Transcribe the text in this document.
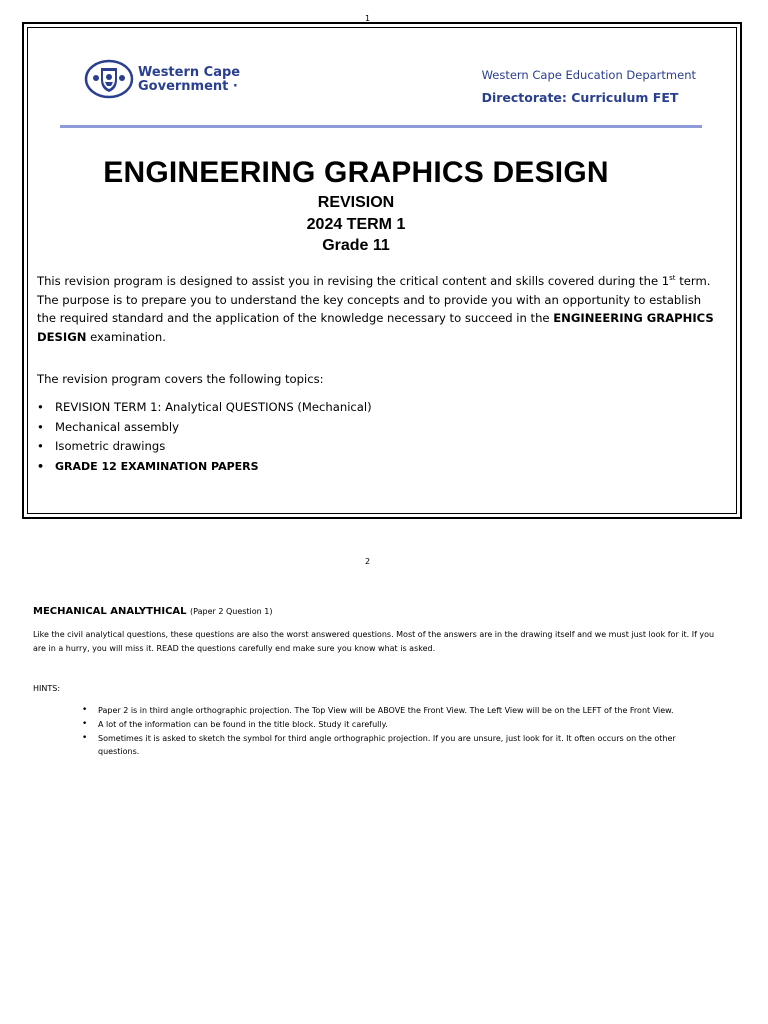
1
Western Cape
Government ·
Western Cape Education Department
Directorate: Curriculum FET
ENGINEERING GRAPHICS DESIGN
REVISION
2024 TERM 1
Grade 11
This revision program is designed to assist you in revising the critical content and skills covered during the 1st term. The purpose is to prepare you to understand the key concepts and to provide you with an opportunity to establish the required standard and the application of the knowledge necessary to succeed in the ENGINEERING GRAPHICS DESIGN examination.
The revision program covers the following topics:
• REVISION TERM 1: Analytical QUESTIONS (Mechanical)
• Mechanical assembly
• Isometric drawings
• GRADE 12 EXAMINATION PAPERS
2
MECHANICAL ANALYTHICAL (Paper 2 Question 1)
Like the civil analytical questions, these questions are also the worst answered questions. Most of the answers are in the drawing itself and we must just look for it. If you are in a hurry, you will miss it. READ the questions carefully end make sure you know what is asked.
HINTS:
• Paper 2 is in third angle orthographic projection. The Top View will be ABOVE the Front View. The Left View will be on the LEFT of the Front View.
• A lot of the information can be found in the title block. Study it carefully.
• Sometimes it is asked to sketch the symbol for third angle orthographic projection. If you are unsure, just look for it. It often occurs on the other questions.
